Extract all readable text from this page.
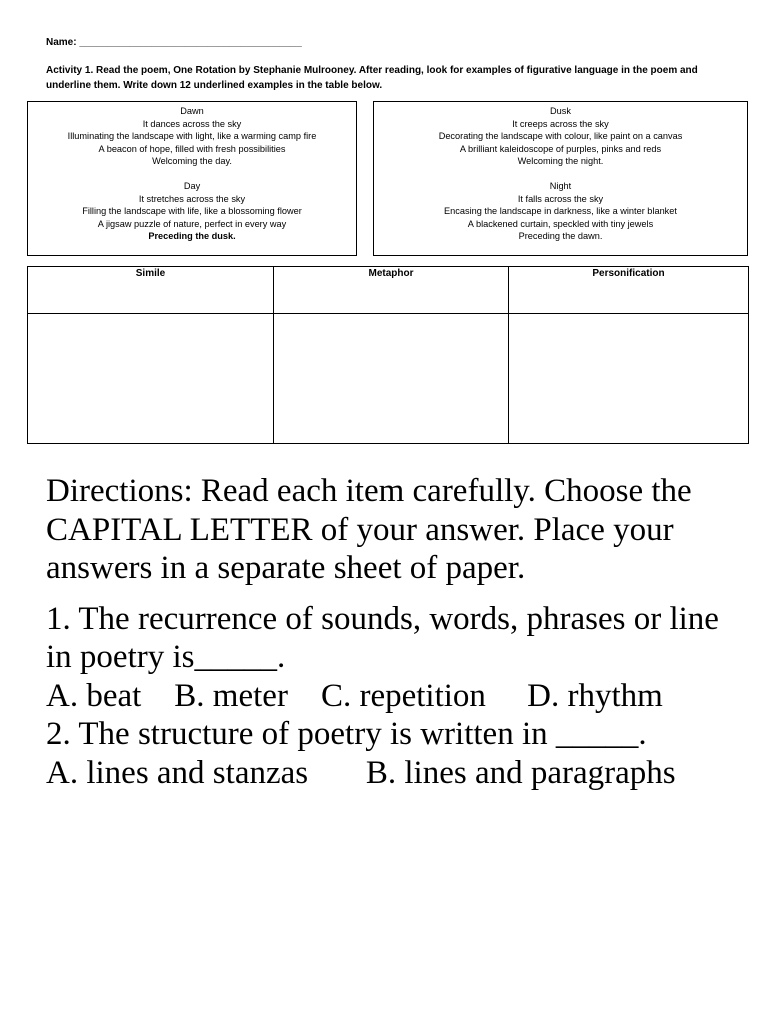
Name: ________________________________________
Activity 1. Read the poem, One Rotation by Stephanie Mulrooney. After reading, look for examples of figurative language in the poem and underline them. Write down 12 underlined examples in the table below.
Dawn
It dances across the sky
Illuminating the landscape with light, like a warming camp fire
A beacon of hope, filled with fresh possibilities
Welcoming the day.
Day
It stretches across the sky
Filling the landscape with life, like a blossoming flower
A jigsaw puzzle of nature, perfect in every way
Preceding the dusk.
Dusk
It creeps across the sky
Decorating the landscape with colour, like paint on a canvas
A brilliant kaleidoscope of purples, pinks and reds
Welcoming the night.
Night
It falls across the sky
Encasing the landscape in darkness, like a winter blanket
A blackened curtain, speckled with tiny jewels
Preceding the dawn.
Simile	Metaphor	Personification

Directions: Read each item carefully. Choose the CAPITAL LETTER of your answer. Place your answers in a separate sheet of paper.
1. The recurrence of sounds, words, phrases or line in poetry is_____.
A. beat B. meter C. repetition D. rhythm
2. The structure of poetry is written in _____.
A. lines and stanzas B. lines and paragraphs
